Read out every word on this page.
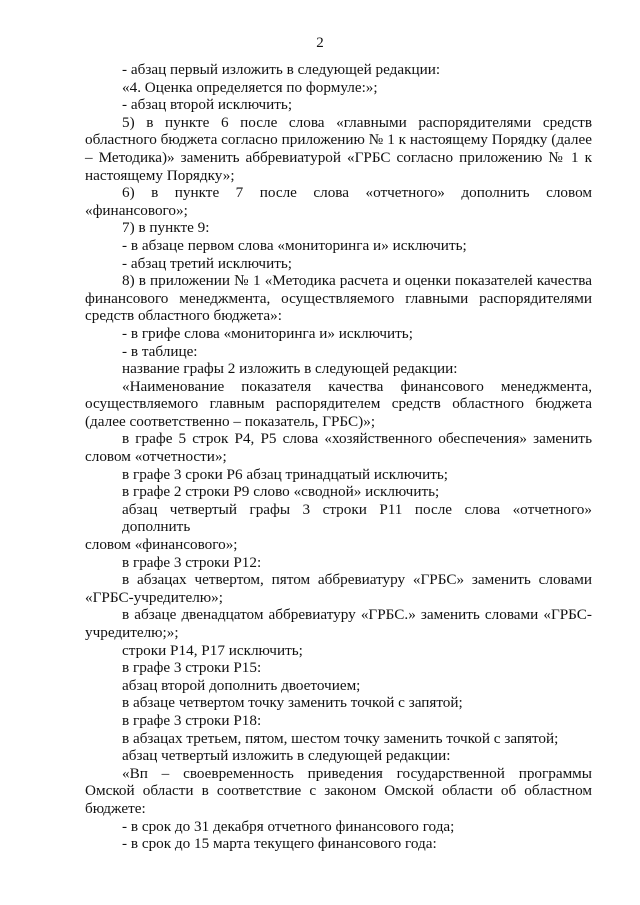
2
- абзац первый изложить в следующей редакции:
«4. Оценка определяется по формуле:»;
- абзац второй исключить;
5) в пункте 6 после слова «главными распорядителями средств
областного бюджета согласно приложению № 1 к настоящему Порядку (далее
– Методика)» заменить аббревиатурой «ГРБС согласно приложению № 1 к
настоящему Порядку»;
6) в пункте 7 после слова «отчетного» дополнить словом
«финансового»;
7) в пункте 9:
- в абзаце первом слова «мониторинга и» исключить;
- абзац третий исключить;
8) в приложении № 1 «Методика расчета и оценки показателей качества
финансового менеджмента, осуществляемого главными распорядителями
средств областного бюджета»:
- в грифе слова «мониторинга и» исключить;
- в таблице:
название графы 2 изложить в следующей редакции:
«Наименование показателя качества финансового менеджмента,
осуществляемого главным распорядителем средств областного бюджета
(далее соответственно – показатель, ГРБС)»;
в графе 5 строк Р4, Р5 слова «хозяйственного обеспечения» заменить
словом «отчетности»;
в графе 3 сроки Р6 абзац тринадцатый исключить;
в графе 2 строки Р9 слово «сводной» исключить;
абзац четвертый графы 3 строки Р11 после слова «отчетного» дополнить
словом «финансового»;
в графе 3 строки Р12:
в абзацах четвертом, пятом аббревиатуру «ГРБС» заменить словами
«ГРБС-учредителю»;
в абзаце двенадцатом аббревиатуру «ГРБС.» заменить словами «ГРБС-
учредителю;»;
строки Р14, Р17 исключить;
в графе 3 строки Р15:
абзац второй дополнить двоеточием;
в абзаце четвертом точку заменить точкой с запятой;
в графе 3 строки Р18:
в абзацах третьем, пятом, шестом точку заменить точкой с запятой;
абзац четвертый изложить в следующей редакции:
«Вп – своевременность приведения государственной программы
Омской области в соответствие с законом Омской области об областном
бюджете:
- в срок до 31 декабря отчетного финансового года;
- в срок до 15 марта текущего финансового года:
